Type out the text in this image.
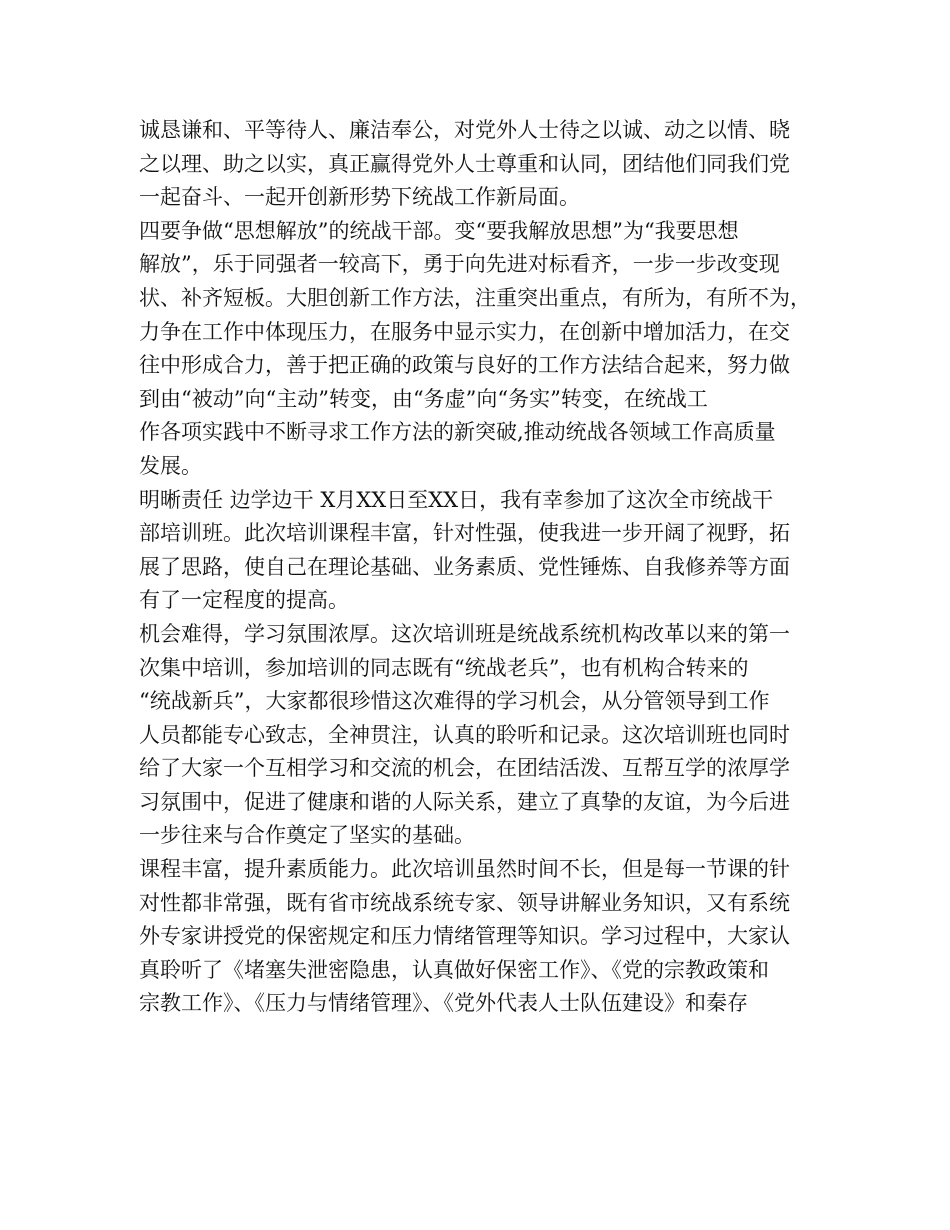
诚恳谦和、平等待人、廉洁奉公，对党外人士待之以诚、动之以情、晓
之以理、助之以实，真正赢得党外人士尊重和认同，团结他们同我们党
一起奋斗、一起开创新形势下统战工作新局面。
四要争做“思想解放”的统战干部。变“要我解放思想”为“我要思想
解放”，乐于同强者一较高下，勇于向先进对标看齐，一步一步改变现
状、补齐短板。大胆创新工作方法，注重突出重点，有所为，有所不为，
力争在工作中体现压力，在服务中显示实力，在创新中增加活力，在交
往中形成合力，善于把正确的政策与良好的工作方法结合起来，努力做
到由“被动”向“主动”转变，由“务虚”向“务实”转变，在统战工
作各项实践中不断寻求工作方法的新突破,推动统战各领域工作高质量
发展。
明晰责任 边学边干 X月XX日至XX日，我有幸参加了这次全市统战干
部培训班。此次培训课程丰富，针对性强，使我进一步开阔了视野，拓
展了思路，使自己在理论基础、业务素质、党性锤炼、自我修养等方面
有了一定程度的提高。
机会难得，学习氛围浓厚。这次培训班是统战系统机构改革以来的第一
次集中培训，参加培训的同志既有“统战老兵”，也有机构合转来的
“统战新兵”，大家都很珍惜这次难得的学习机会，从分管领导到工作
人员都能专心致志，全神贯注，认真的聆听和记录。这次培训班也同时
给了大家一个互相学习和交流的机会，在团结活泼、互帮互学的浓厚学
习氛围中，促进了健康和谐的人际关系，建立了真挚的友谊，为今后进
一步往来与合作奠定了坚实的基础。
课程丰富，提升素质能力。此次培训虽然时间不长，但是每一节课的针
对性都非常强，既有省市统战系统专家、领导讲解业务知识，又有系统
外专家讲授党的保密规定和压力情绪管理等知识。学习过程中，大家认
真聆听了《堵塞失泄密隐患，认真做好保密工作》、《党的宗教政策和
宗教工作》、《压力与情绪管理》、《党外代表人士队伍建设》和秦存
